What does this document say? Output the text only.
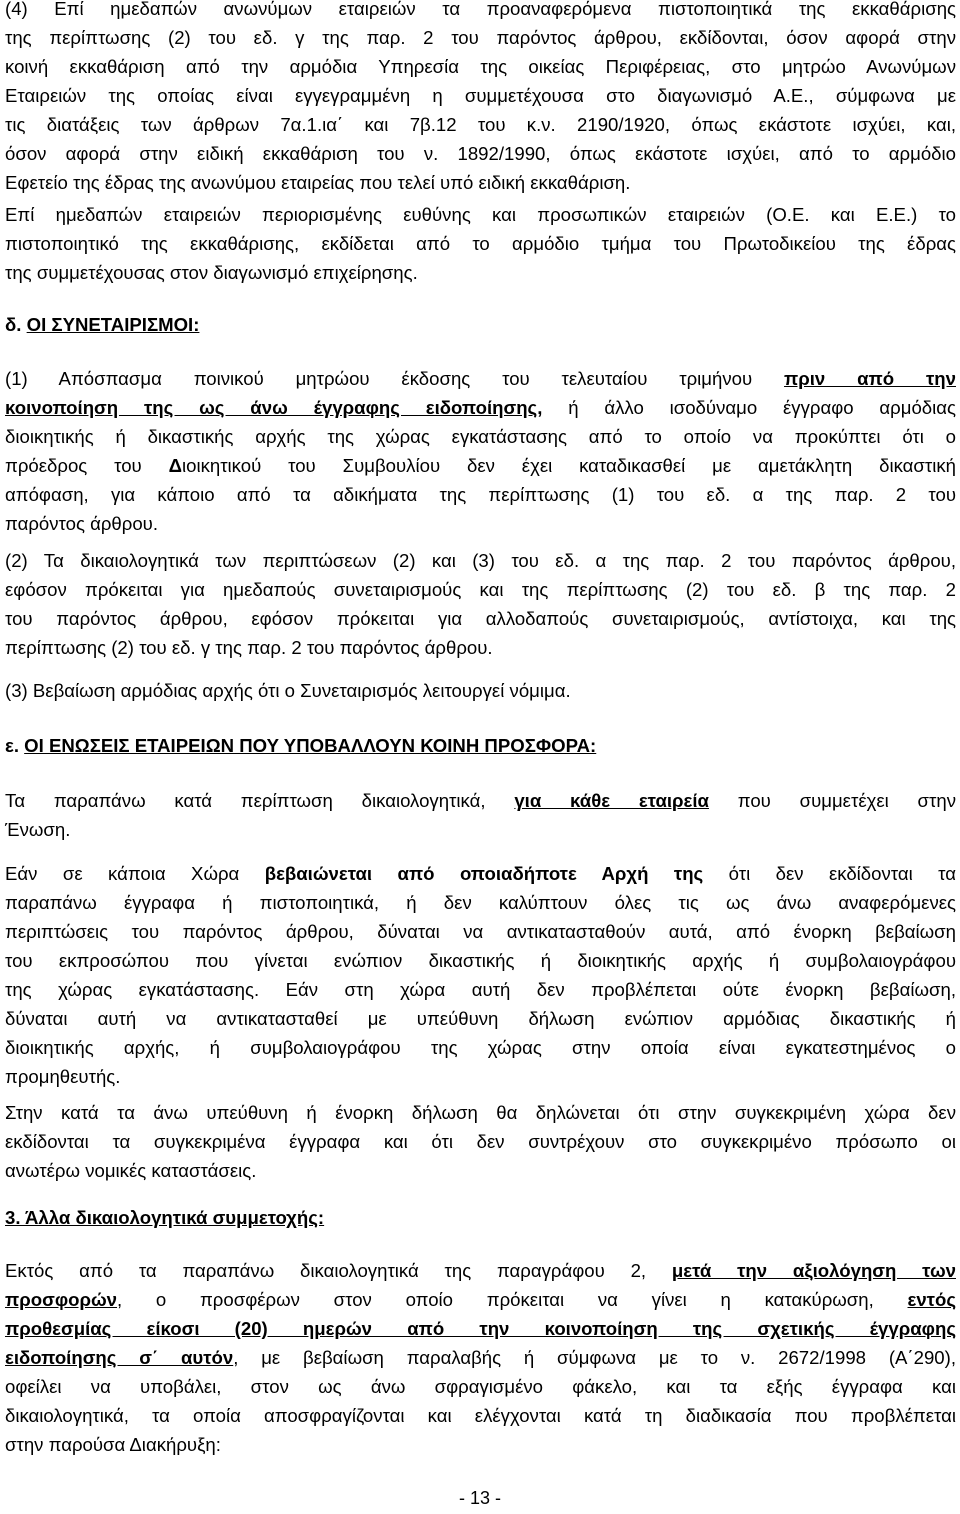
(4) Επί ημεδαπών ανωνύμων εταιρειών τα προαναφερόμενα πιστοποιητικά της εκκαθάρισης
της περίπτωσης (2) του εδ. γ της παρ. 2 του παρόντος άρθρου, εκδίδονται, όσον αφορά στην
κοινή εκκαθάριση από την αρμόδια Υπηρεσία της οικείας Περιφέρειας, στο μητρώο Ανωνύμων
Εταιρειών της οποίας είναι εγγεγραμμένη η συμμετέχουσα στο διαγωνισμό Α.Ε., σύμφωνα με
τις διατάξεις των άρθρων 7α.1.ια΄ και 7β.12 του κ.ν. 2190/1920, όπως εκάστοτε ισχύει, και,
όσον αφορά στην ειδική εκκαθάριση του ν. 1892/1990, όπως εκάστοτε ισχύει, από το αρμόδιο
Εφετείο της έδρας της ανωνύμου εταιρείας που τελεί υπό ειδική εκκαθάριση.
Επί ημεδαπών εταιρειών περιορισμένης ευθύνης και προσωπικών εταιρειών (Ο.Ε. και Ε.Ε.) το
πιστοποιητικό της εκκαθάρισης, εκδίδεται από το αρμόδιο τμήμα του Πρωτοδικείου της έδρας
της συμμετέχουσας στον διαγωνισμό επιχείρησης.
δ. ΟΙ ΣΥΝΕΤΑΙΡΙΣΜΟΙ:
(1) Απόσπασμα ποινικού μητρώου έκδοσης του τελευταίου τριμήνου πριν από την
κοινοποίηση της ως άνω έγγραφης ειδοποίησης, ή άλλο ισοδύναμο έγγραφο αρμόδιας
διοικητικής ή δικαστικής αρχής της χώρας εγκατάστασης από το οποίο να προκύπτει ότι ο
πρόεδρος του Διοικητικού του Συμβουλίου δεν έχει καταδικασθεί με αμετάκλητη δικαστική
απόφαση, για κάποιο από τα αδικήματα της περίπτωσης (1) του εδ. α της παρ. 2 του
παρόντος άρθρου.
(2) Τα δικαιολογητικά των περιπτώσεων (2) και (3) του εδ. α της παρ. 2 του παρόντος άρθρου,
εφόσον πρόκειται για ημεδαπούς συνεταιρισμούς και της περίπτωσης (2) του εδ. β της παρ. 2
του παρόντος άρθρου, εφόσον πρόκειται για αλλοδαπούς συνεταιρισμούς, αντίστοιχα, και της
περίπτωσης (2) του εδ. γ της παρ. 2 του παρόντος άρθρου.
(3) Βεβαίωση αρμόδιας αρχής ότι ο Συνεταιρισμός λειτουργεί νόμιμα.
ε. ΟΙ ΕΝΩΣΕΙΣ ΕΤΑΙΡΕΙΩΝ ΠΟΥ ΥΠΟΒΑΛΛΟΥΝ ΚΟΙΝΗ ΠΡΟΣΦΟΡΑ:
Τα παραπάνω κατά περίπτωση δικαιολογητικά, για κάθε εταιρεία που συμμετέχει στην
Ένωση.
Εάν σε κάποια Χώρα βεβαιώνεται από οποιαδήποτε Αρχή της ότι δεν εκδίδονται τα
παραπάνω έγγραφα ή πιστοποιητικά, ή δεν καλύπτουν όλες τις ως άνω αναφερόμενες
περιπτώσεις του παρόντος άρθρου, δύναται να αντικατασταθούν αυτά, από ένορκη βεβαίωση
του εκπροσώπου που γίνεται ενώπιον δικαστικής ή διοικητικής αρχής ή συμβολαιογράφου
της χώρας εγκατάστασης. Εάν στη χώρα αυτή δεν προβλέπεται ούτε ένορκη βεβαίωση,
δύναται αυτή να αντικατασταθεί με υπεύθυνη δήλωση ενώπιον αρμόδιας δικαστικής ή
διοικητικής αρχής, ή συμβολαιογράφου της χώρας στην οποία είναι εγκατεστημένος ο
προμηθευτής.
Στην κατά τα άνω υπεύθυνη ή ένορκη δήλωση θα δηλώνεται ότι στην συγκεκριμένη χώρα δεν
εκδίδονται τα συγκεκριμένα έγγραφα και ότι δεν συντρέχουν στο συγκεκριμένο πρόσωπο οι
ανωτέρω νομικές καταστάσεις.
3. Άλλα δικαιολογητικά συμμετοχής:
Εκτός από τα παραπάνω δικαιολογητικά της παραγράφου 2, μετά την αξιολόγηση των
προσφορών, ο προσφέρων στον οποίο πρόκειται να γίνει η κατακύρωση, εντός
προθεσμίας είκοσι (20) ημερών από την κοινοποίηση της σχετικής έγγραφης
ειδοποίησης σ΄ αυτόν, με βεβαίωση παραλαβής ή σύμφωνα με το ν. 2672/1998 (Α΄290),
οφείλει να υποβάλει, στον ως άνω σφραγισμένο φάκελο, και τα εξής έγγραφα και
δικαιολογητικά, τα οποία αποσφραγίζονται και ελέγχονται κατά τη διαδικασία που προβλέπεται
στην παρούσα Διακήρυξη:
- 13 -
